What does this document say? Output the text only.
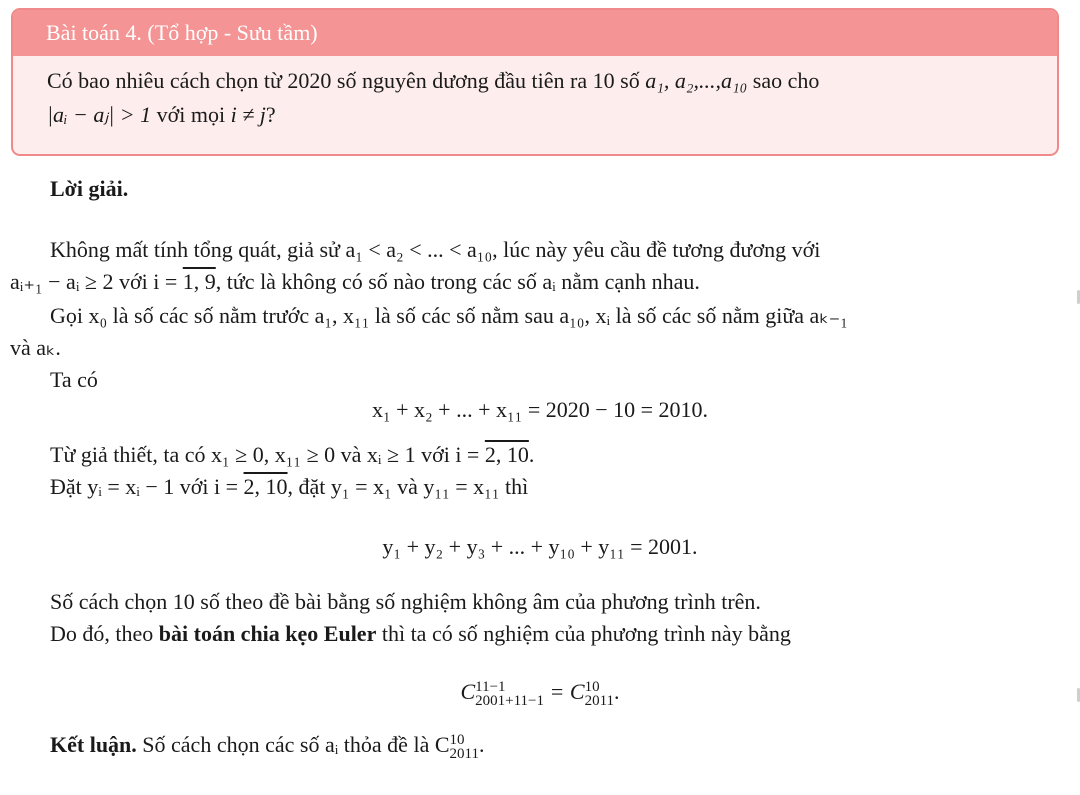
Bài toán 4. (Tổ hợp - Sưu tầm)
Có bao nhiêu cách chọn từ 2020 số nguyên dương đầu tiên ra 10 số a₁, a₂,...,a₁₀ sao cho
|aᵢ − aⱼ| > 1 với mọi i ≠ j?
Lời giải.
Không mất tính tổng quát, giả sử a₁ < a₂ < ... < a₁₀, lúc này yêu cầu đề tương đương với
aᵢ₊₁ − aᵢ ≥ 2 với i = 1, 9, tức là không có số nào trong các số aᵢ nằm cạnh nhau.
Gọi x₀ là số các số nằm trước a₁, x₁₁ là số các số nằm sau a₁₀, xᵢ là số các số nằm giữa aₖ₋₁
và aₖ.
Ta có
x₁ + x₂ + ... + x₁₁ = 2020 − 10 = 2010.
Từ giả thiết, ta có x₁ ≥ 0, x₁₁ ≥ 0 và xᵢ ≥ 1 với i = 2, 10.
Đặt yᵢ = xᵢ − 1 với i = 2, 10, đặt y₁ = x₁ và y₁₁ = x₁₁ thì
y₁ + y₂ + y₃ + ... + y₁₀ + y₁₁ = 2001.
Số cách chọn 10 số theo đề bài bằng số nghiệm không âm của phương trình trên.
Do đó, theo bài toán chia kẹo Euler thì ta có số nghiệm của phương trình này bằng
C 11−1
2001+11−1 = C 10
2011 .
Kết luận. Số cách chọn các số aᵢ thỏa đề là C 10
2011 .
